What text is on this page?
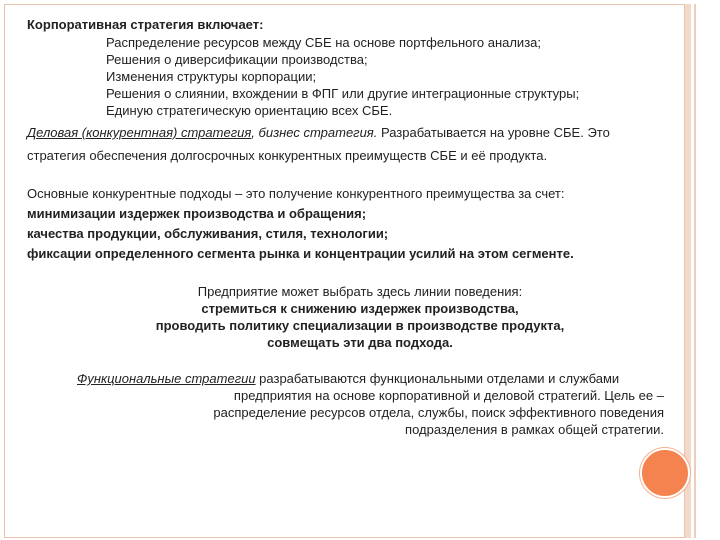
Корпоративная стратегия включает:
Распределение ресурсов между СБЕ на основе портфельного анализа;
Решения о диверсификации производства;
Изменения структуры корпорации;
Решения о слиянии, вхождении в ФПГ или другие интеграционные структуры;
Единую стратегическую ориентацию всех СБЕ.
Деловая (конкурентная) стратегия, бизнес стратегия. Разрабатывается на уровне СБЕ. Это
стратегия обеспечения долгосрочных конкурентных преимуществ СБЕ и её продукта.
Основные конкурентные подходы – это получение конкурентного преимущества за счет:
минимизации издержек производства и обращения;
качества продукции, обслуживания, стиля, технологии;
фиксации определенного сегмента рынка и концентрации усилий на этом сегменте.
Предприятие может выбрать здесь линии поведения:
стремиться к снижению издержек производства,
проводить политику специализации в производстве продукта,
совмещать эти два подхода.
Функциональные стратегии разрабатываются функциональными отделами и службами
предприятия на основе корпоративной и деловой стратегий. Цель ее –
распределение ресурсов отдела, службы, поиск эффективного поведения
подразделения в рамках общей стратегии.
